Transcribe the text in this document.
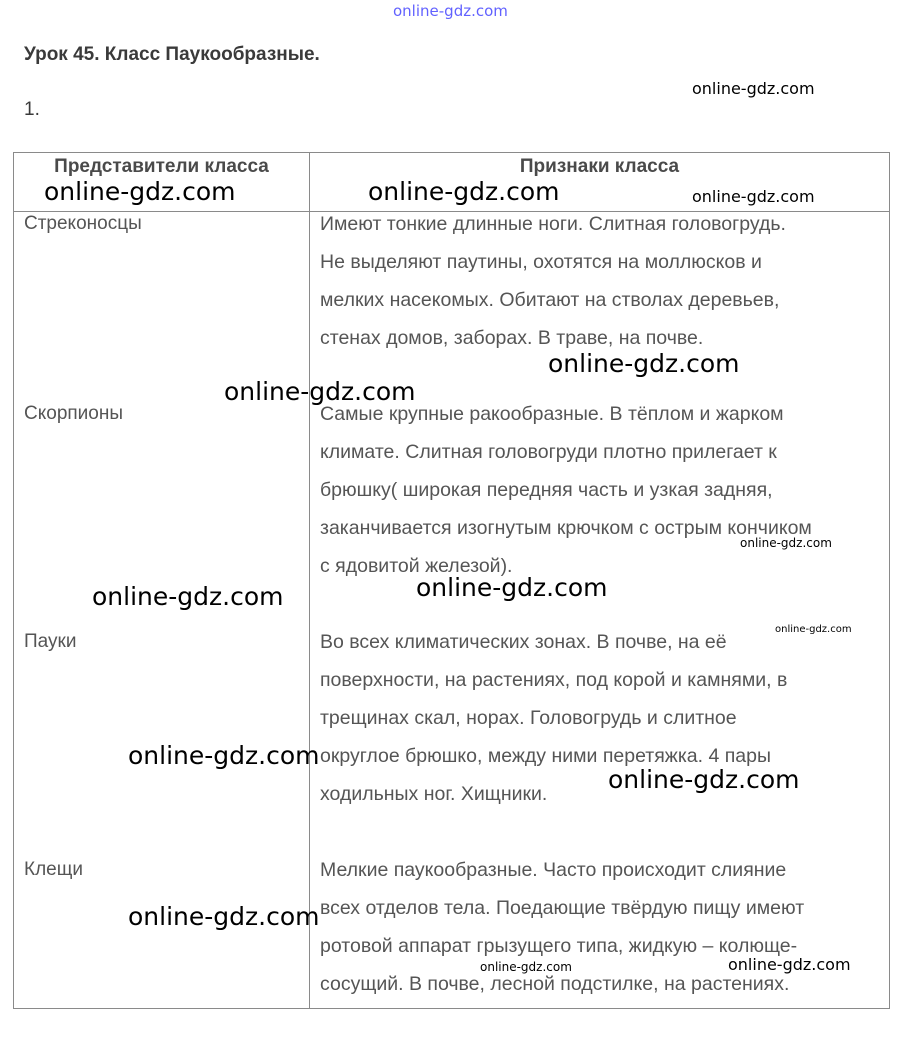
online-gdz.com
Урок 45. Класс Паукообразные.
1.
Представители класса	Признаки класса
Стреконосцы	Имеют тонкие длинные ноги. Слитная головогрудь.
Не выделяют паутины, охотятся на моллюсков и
мелких насекомых. Обитают на стволах деревьев,
стенах домов, заборах. В траве, на почве.
Скорпионы	Самые крупные ракообразные. В тёплом и жарком
климате. Слитная головогруди плотно прилегает к
брюшку( широкая передняя часть и узкая задняя,
заканчивается изогнутым крючком с острым кончиком
с ядовитой железой).
Пауки	Во всех климатических зонах. В почве, на её
поверхности, на растениях, под корой и камнями, в
трещинах скал, норах. Головогрудь и слитное
округлое брюшко, между ними перетяжка. 4 пары
ходильных ног. Хищники.
Клещи	Мелкие паукообразные. Часто происходит слияние
всех отделов тела. Поедающие твёрдую пищу имеют
ротовой аппарат грызущего типа, жидкую – колюще-
сосущий. В почве, лесной подстилке, на растениях.
online-gdz.com
online-gdz.com	online-gdz.com	online-gdz.com
online-gdz.com
online-gdz.com
online-gdz.com
online-gdz.com
online-gdz.com
online-gdz.com
online-gdz.com
online-gdz.com
online-gdz.com
online-gdz.com	online-gdz.com
